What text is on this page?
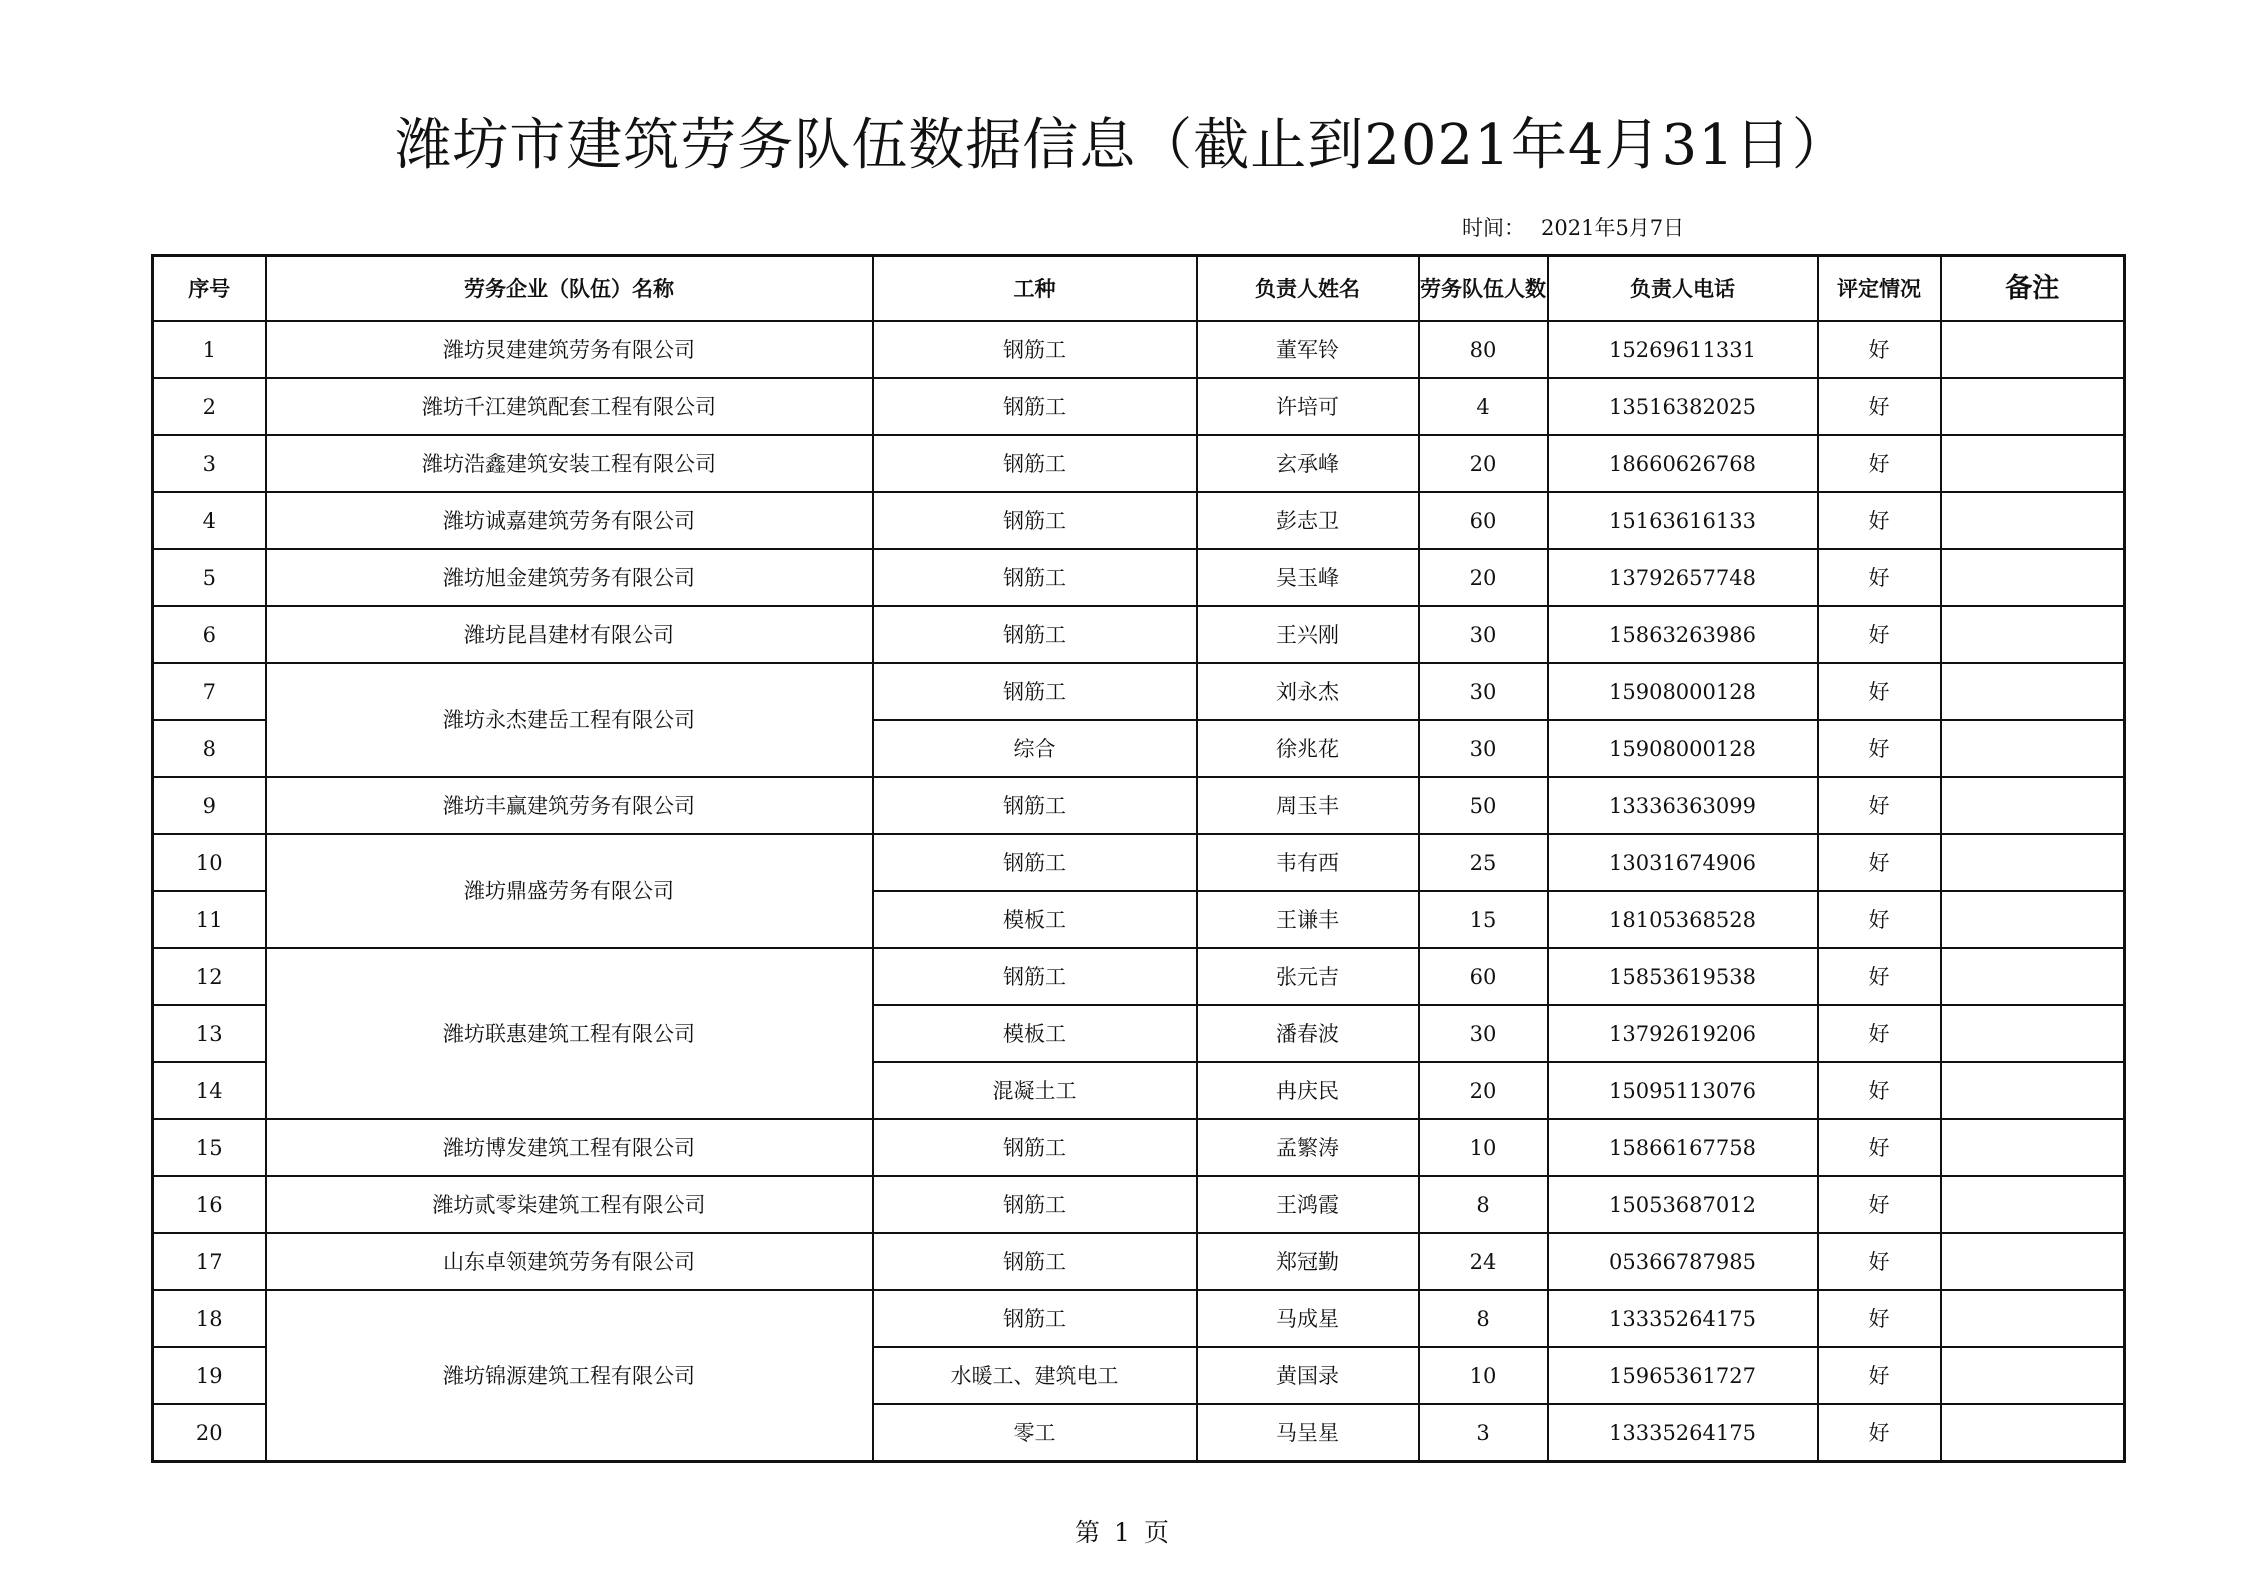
潍坊市建筑劳务队伍数据信息（截止到2021年4月31日）
时间： 2021年5月7日
序号	劳务企业（队伍）名称	工种	负责人姓名	劳务队伍人数	负责人电话	评定情况	备注
1	潍坊炅建建筑劳务有限公司	钢筋工	董军铃	80	15269611331	好	
2	潍坊千江建筑配套工程有限公司	钢筋工	许培可	4	13516382025	好	
3	潍坊浩鑫建筑安装工程有限公司	钢筋工	玄承峰	20	18660626768	好	
4	潍坊诚嘉建筑劳务有限公司	钢筋工	彭志卫	60	15163616133	好	
5	潍坊旭金建筑劳务有限公司	钢筋工	吴玉峰	20	13792657748	好	
6	潍坊昆昌建材有限公司	钢筋工	王兴刚	30	15863263986	好	
7	潍坊永杰建岳工程有限公司	钢筋工	刘永杰	30	15908000128	好	
8		综合	徐兆花	30	15908000128	好	
9	潍坊丰赢建筑劳务有限公司	钢筋工	周玉丰	50	13336363099	好	
10	潍坊鼎盛劳务有限公司	钢筋工	韦有西	25	13031674906	好	
11		模板工	王谦丰	15	18105368528	好	
12	潍坊联惠建筑工程有限公司	钢筋工	张元吉	60	15853619538	好	
13		模板工	潘春波	30	13792619206	好	
14		混凝土工	冉庆民	20	15095113076	好	
15	潍坊博发建筑工程有限公司	钢筋工	孟繁涛	10	15866167758	好	
16	潍坊贰零柒建筑工程有限公司	钢筋工	王鸿霞	8	15053687012	好	
17	山东卓领建筑劳务有限公司	钢筋工	郑冠勤	24	05366787985	好	
18	潍坊锦源建筑工程有限公司	钢筋工	马成星	8	13335264175	好	
19		水暖工、建筑电工	黄国录	10	15965361727	好	
20		零工	马呈星	3	13335264175	好	
第 1 页
